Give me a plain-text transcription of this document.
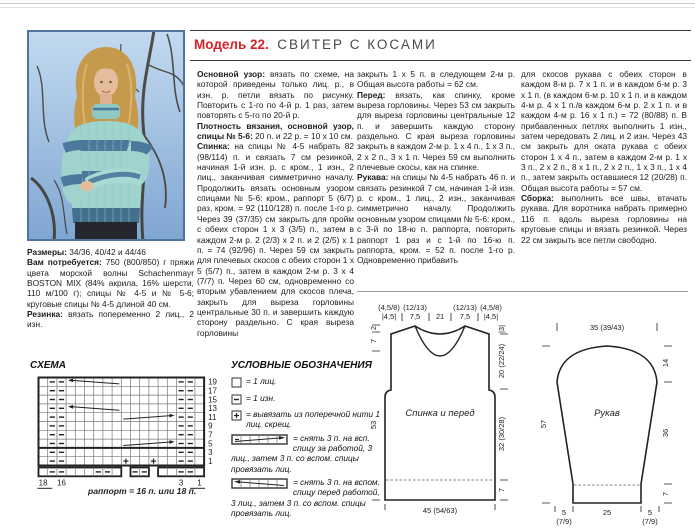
Модель 22. СВИТЕР С КОСАМИ

Размеры: 34/36, 40/42 и 44/46

Вам потребуется: 750 (800/850) г пряжи цвета морской волны Schachenmayr BOSTON MIX (84% акрила, 16% шерсти, 110 м/100 г); спицы № 4-5 и № 5-6; круговые спицы № 4-5 длиной 40 см.

Резинка: вязать попеременно 2 лиц., 2 изн.

Основной узор: вязать по схеме, на которой приведены только лиц. р., в изн. р. петли вязать по рисунку. Повторить с 1-го по 4-й р. 1 раз, затем повторять с 5-го по 20-й р.

Плотность вязания, основной узор, спицы № 5-6: 20 п. и 22 р. = 10 х 10 см.

Спинка: на спицы № 4-5 набрать 82 (98/114) п. и связать 7 см резинкой, начиная 1-й изн. р. с кром., 1 изн., 2 лиц., заканчивая симметрично началу. Продолжить вязать основным узором спицами № 5-6: кром., раппорт 5 (6/7) раз, кром. = 92 (110/128) п. после 1-го р. Через 39 (37/35) см закрыть для пройм с обеих сторон 1 х 3 (3/5) п., затем в каждом 2-м р. 2 (2/3) х 2 п. и 2 (2/5) х 1 п. = 74 (92/96) п. Через 59 см закрыть для плечевых скосов с обеих сторон 1 х 5 (5/7) п., затем в каждом 2-м р. 3 х 4 (7/7) п. Через 60 см, одновременно со вторым убавлением для скосов плеча, закрыть для выреза горловины центральные 30 п. и завершить каждую сторону раздельно. С края выреза горловины

закрыть 1 х 5 п. в следующем 2-м р. Общая высота работы = 62 см.

Перед: вязать, как спинку, кроме выреза горловины. Через 53 см закрыть для выреза горловины центральные 12 п. и завершить каждую сторону раздельно. С края выреза горловины закрыть в каждом 2-м р. 1 х 4 п., 1 х 3 п., 2 х 2 п., 3 х 1 п. Через 59 см выполнить плечевые скосы, как на спинке.

Рукава: на спицы № 4-5 набрать 46 п. и связать резинкой 7 см, начиная 1-й изн. р. с кром., 1 лиц., 2 изн., заканчивая симметрично началу. Продолжить основным узором спицами № 5-6: кром., с 3-й по 18-ю п. раппорта, повторить раппорт 1 раз и с 1-й по 16-ю п. раппорта, кром. = 52 п. после 1-го р. Одновременно прибавить

для скосов рукава с обеих сторон в каждом 8-м р. 7 х 1 п. и в каждом 6-м р. 3 х 1 п. (в каждом 6-м р. 10 х 1 п. и в каждом 4-м р. 4 х 1 п./в каждом 6-м р. 2 х 1 п. и в каждом 4-м р. 16 х 1 п.) = 72 (80/88) п. В прибавленных петлях выполнить 1 изн., затем чередовать 2 лиц. и 2 изн. Через 43 см закрыть для оката рукава с обеих сторон 1 х 4 п., затем в каждом 2-м р. 1 х 3 п., 2 х 2 п., 8 х 1 п., 2 х 2 п., 1 х 3 п., 1 х 4 п., затем закрыть оставшиеся 12 (20/28) п. Общая высота работы = 57 см.

Сборка: выполнить все швы, втачать рукава. Для воротника набрать примерно 116 п. вдоль выреза горловины на круговые спицы и вязать резинкой. Через 22 см закрыть все петли свободно.

СХЕМА
19
17
15
13
11
9
7
5
3
1
18 16	3 1
раппорт = 16 п. или 18 п.
УСЛОВНЫЕ ОБОЗНАЧЕНИЯ
= 1 лиц.
= 1 изн.
= вывязать из поперечной нити 1 лиц. скрещ.
= снять 3 п. на всп. спицу за работой, 3 лиц., затем 3 п. со вспом. спицы провязать лиц.
= снять 3 п. на вспом. спицу перед работой, 3 лиц., затем 3 п. со вспом. спицы провязать лиц.
(4,5/8)
|4,5|
(12/13)
7,5 21
(12/13)
7,5
(4,5/8)
|4,5|
|3|
20 (22/24)
32 (30/28)
7
2
7
53
45 (54/63)
Спинка и перед
35 (39/43)
14
36
7
57
5
(7/9)
25	5
(7/9)
Рукав
